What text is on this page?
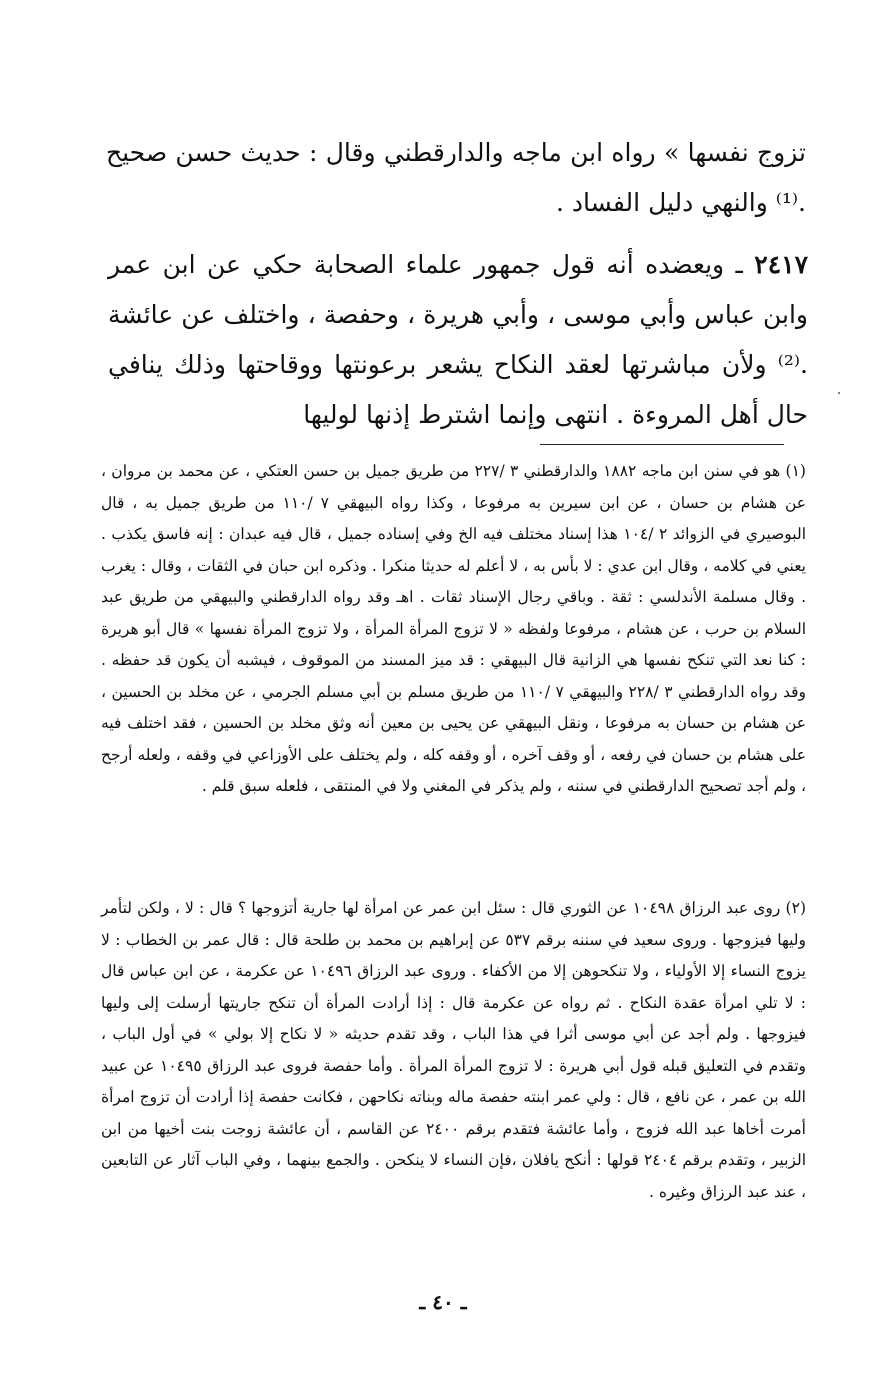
تزوج نفسها » رواه ابن ماجه والدارقطني وقال : حديث حسن صحيح .⁽¹⁾ والنهي دليل الفساد .

٢٤١٧ ـ ويعضده أنه قول جمهور علماء الصحابة حكي عن ابن عمر وابن عباس وأبي موسى ، وأبي هريرة ، وحفصة ، واختلف عن عائشة .⁽²⁾ ولأن مباشرتها لعقد النكاح يشعر برعونتها ووقاحتها وذلك ينافي حال أهل المروءة . انتهى وإنما اشترط إذنها لوليها

(١) هو في سنن ابن ماجه ١٨٨٢ والدارقطني ٣ /٢٢٧ من طريق جميل بن حسن العتكي ، عن محمد بن مروان ، عن هشام بن حسان ، عن ابن سيرين به مرفوعا ، وكذا رواه البيهقي ٧ /١١٠ من طريق جميل به ، قال البوصيري في الزوائد ٢ /١٠٤ هذا إسناد مختلف فيه الخ وفي إسناده جميل ، قال فيه عبدان : إنه فاسق يكذب . يعني في كلامه ، وقال ابن عدي : لا بأس به ، لا أعلم له حديثا منكرا . وذكره ابن حبان في الثقات ، وقال : يغرب . وقال مسلمة الأندلسي : ثقة . وباقي رجال الإسناد ثقات . اهـ وقد رواه الدارقطني والبيهقي من طريق عبد السلام بن حرب ، عن هشام ، مرفوعا ولفظه « لا تزوج المرأة المرأة ، ولا تزوج المرأة نفسها » قال أبو هريرة : كنا نعد التي تنكح نفسها هي الزانية قال البيهقي : قد ميز المسند من الموقوف ، فيشبه أن يكون قد حفظه . وقد رواه الدارقطني ٣ /٢٢٨ والبيهقي ٧ /١١٠ من طريق مسلم بن أبي مسلم الجرمي ، عن مخلد بن الحسين ، عن هشام بن حسان به مرفوعا ، ونقل البيهقي عن يحيى بن معين أنه وثق مخلد بن الحسين ، فقد اختلف فيه على هشام بن حسان في رفعه ، أو وقف آخره ، أو وقفه كله ، ولم يختلف على الأوزاعي في وقفه ، ولعله أرجح ، ولم أجد تصحيح الدارقطني في سننه ، ولم يذكر في المغني ولا في المنتقى ، فلعله سبق قلم .

(٢) روى عبد الرزاق ١٠٤٩٨ عن الثوري قال : سئل ابن عمر عن امرأة لها جارية أتزوجها ؟ قال : لا ، ولكن لتأمر وليها فيزوجها . وروى سعيد في سننه برقم ٥٣٧ عن إبراهيم بن محمد بن طلحة قال : قال عمر بن الخطاب : لا يزوج النساء إلا الأولياء ، ولا تنكحوهن إلا من الأكفاء . وروى عبد الرزاق ١٠٤٩٦ عن عكرمة ، عن ابن عباس قال : لا تلي امرأة عقدة النكاح . ثم رواه عن عكرمة قال : إذا أرادت المرأة أن تنكح جاريتها أرسلت إلى وليها فيزوجها . ولم أجد عن أبي موسى أثرا في هذا الباب ، وقد تقدم حديثه « لا نكاح إلا بولي » في أول الباب ، وتقدم في التعليق قبله قول أبي هريرة : لا تزوج المرأة المرأة . وأما حفصة فروى عبد الرزاق ١٠٤٩٥ عن عبيد الله بن عمر ، عن نافع ، قال : ولي عمر ابنته حفصة ماله وبناته نكاحهن ، فكانت حفصة إذا أرادت أن تزوج امرأة أمرت أخاها عبد الله فزوج ، وأما عائشة فتقدم برقم ٢٤٠٠ عن القاسم ، أن عائشة زوجت بنت أخيها من ابن الزبير ، وتقدم برقم ٢٤٠٤ قولها : أنكح يافلان ،فإن النساء لا ينكحن . والجمع بينهما ، وفي الباب آثار عن التابعين ، عند عبد الرزاق وغيره .

ـ ٤٠ ـ
